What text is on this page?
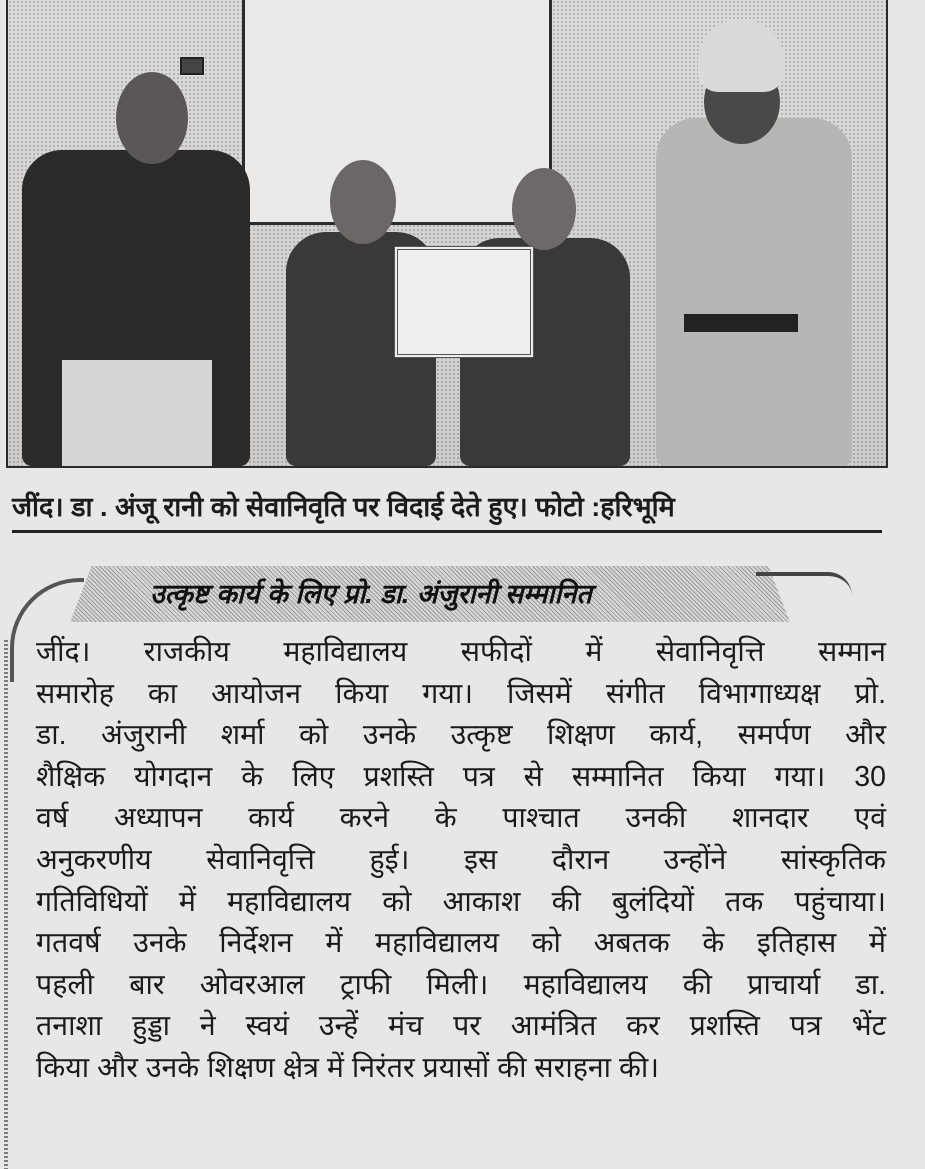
जींद। डा . अंजू रानी को सेवानिवृति पर विदाई देते हुए। फोटो :हरिभूमि
उत्कृष्ट कार्य के लिए प्रो. डा. अंजुरानी सम्मानित
जींद। राजकीय महाविद्यालय सफीदों में सेवानिवृत्ति सम्मान
समारोह का आयोजन किया गया। जिसमें संगीत विभागाध्यक्ष प्रो.
डा. अंजुरानी शर्मा को उनके उत्कृष्ट शिक्षण कार्य, समर्पण और
शैक्षिक योगदान के लिए प्रशस्ति पत्र से सम्मानित किया गया। 30
वर्ष अध्यापन कार्य करने के पाश्चात उनकी शानदार एवं
अनुकरणीय सेवानिवृत्ति हुई। इस दौरान उन्होंने सांस्कृतिक
गतिविधियों में महाविद्यालय को आकाश की बुलंदियों तक पहुंचाया।
गतवर्ष उनके निर्देशन में महाविद्यालय को अबतक के इतिहास में
पहली बार ओवरआल ट्राफी मिली। महाविद्यालय की प्राचार्या डा.
तनाशा हुड्डा ने स्वयं उन्हें मंच पर आमंत्रित कर प्रशस्ति पत्र भेंट
किया और उनके शिक्षण क्षेत्र में निरंतर प्रयासों की सराहना की।
